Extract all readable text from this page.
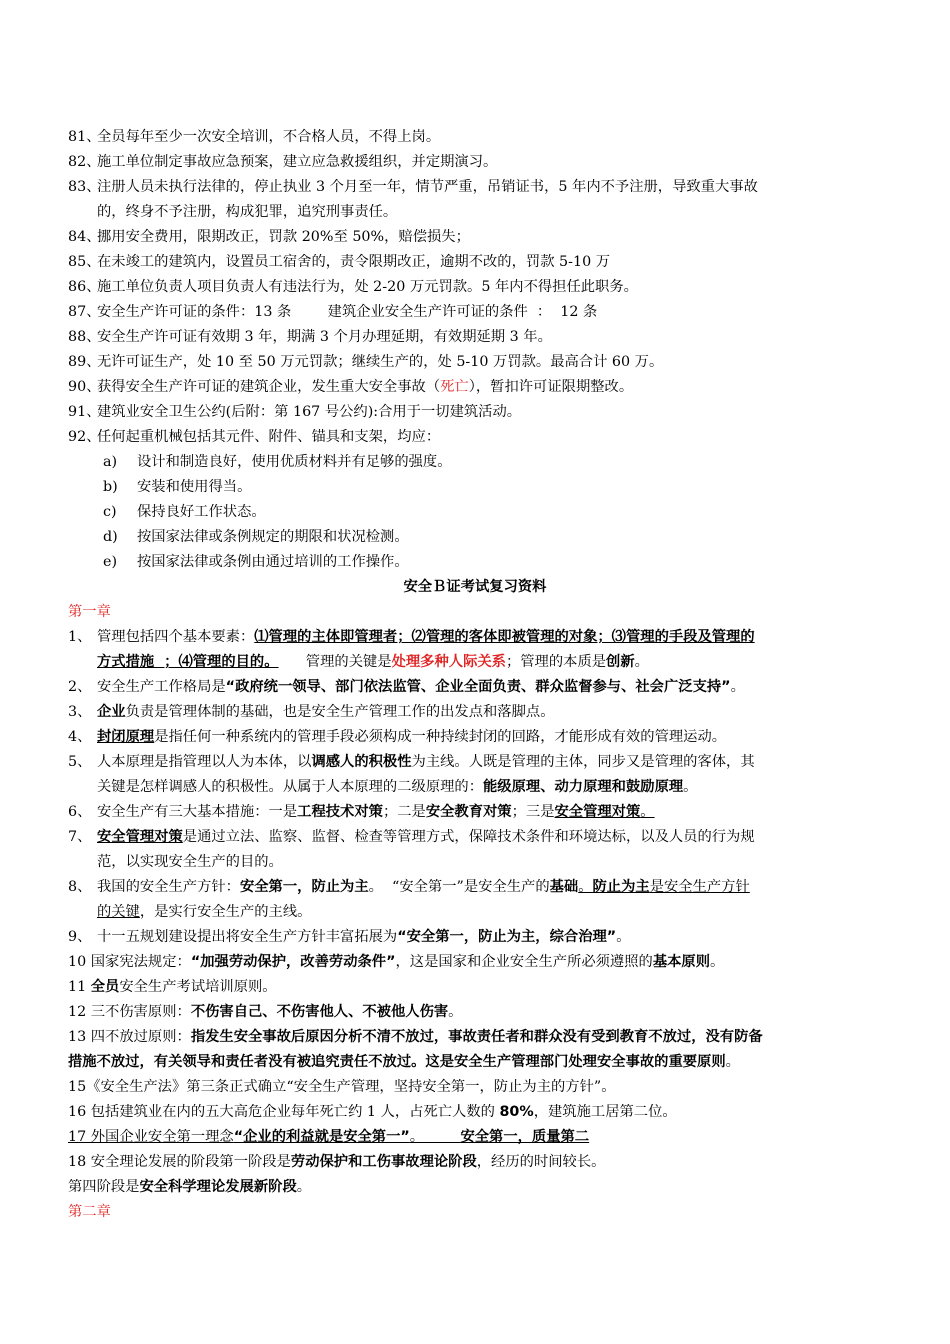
81、
全员每年至少一次安全培训，不合格人员，不得上岗。
82、
施工单位制定事故应急预案，建立应急救援组织，并定期演习。
83、
注册人员未执行法律的，停止执业 3 个月至一年，情节严重，吊销证书，5 年内不予注册，导致重大事故
的，终身不予注册，构成犯罪，追究刑事责任。
84、
挪用安全费用，限期改正，罚款 20%至 50%，赔偿损失；
85、
在未竣工的建筑内，设置员工宿舍的，责令限期改正，逾期不改的，罚款 5-10 万
86、
施工单位负责人项目负责人有违法行为，处 2-20 万元罚款。5 年内不得担任此职务。
87、
安全生产许可证的条件：13 条        建筑企业安全生产许可证的条件  ：  12 条
88、
安全生产许可证有效期 3 年，期满 3 个月办理延期，有效期延期 3 年。
89、
无许可证生产，处 10 至 50 万元罚款；继续生产的，处 5-10 万罚款。最高合计 60 万。
90、
获得安全生产许可证的建筑企业，发生重大安全事故（死亡），暂扣许可证限期整改。
91、
建筑业安全卫生公约(后附：第 167 号公约):合用于一切建筑活动。
92、
任何起重机械包括其元件、附件、锚具和支架，均应：
a) 设计和制造良好，使用优质材料并有足够的强度。
b) 安装和使用得当。
c) 保持良好工作状态。
d) 按国家法律或条例规定的期限和状况检测。
e) 按国家法律或条例由通过培训的工作操作。
安全Ｂ证考试复习资料
第一章
1、 管理包括四个基本要素：⑴管理的主体即管理者；⑵管理的客体即被管理的对象；⑶管理的手段及管理的
方式措施  ；⑷管理的目的。      管理的关键是处理多种人际关系；管理的本质是创新。
2、 安全生产工作格局是“政府统一领导、部门依法监管、企业全面负责、群众监督参与、社会广泛支持”。
3、 企业负责是管理体制的基础，也是安全生产管理工作的出发点和落脚点。
4、 封闭原理是指任何一种系统内的管理手段必须构成一种持续封闭的回路，才能形成有效的管理运动。
5、 人本原理是指管理以人为本体，以调感人的积极性为主线。人既是管理的主体，同步又是管理的客体，其
关键是怎样调感人的积极性。从属于人本原理的二级原理的：能级原理、动力原理和鼓励原理。
6、 安全生产有三大基本措施：一是工程技术对策；二是安全教育对策；三是安全管理对策。
7、 安全管理对策是通过立法、监察、监督、检查等管理方式，保障技术条件和环境达标，以及人员的行为规
范，以实现安全生产的目的。
8、 我国的安全生产方针：安全第一，防止为主。  “安全第一”是安全生产的基础。防止为主是安全生产方针
的关键，是实行安全生产的主线。
9、 十一五规划建设提出将安全生产方针丰富拓展为“安全第一，防止为主，综合治理”。
10 国家宪法规定：“加强劳动保护，改善劳动条件”，这是国家和企业安全生产所必须遵照的基本原则。
11 全员安全生产考试培训原则。
12 三不伤害原则：不伤害自己、不伤害他人、不被他人伤害。
13 四不放过原则：指发生安全事故后原因分析不清不放过，事故责任者和群众没有受到教育不放过，没有防备
措施不放过，有关领导和责任者没有被追究责任不放过。这是安全生产管理部门处理安全事故的重要原则。
15《安全生产法》第三条正式确立“安全生产管理，坚持安全第一，防止为主的方针”。
16 包括建筑业在内的五大高危企业每年死亡约 1 人，占死亡人数的 80%，建筑施工居第二位。
17 外国企业安全第一理念“企业的利益就是安全第一”。        安全第一，质量第二
18 安全理论发展的阶段第一阶段是劳动保护和工伤事故理论阶段，经历的时间较长。
第四阶段是安全科学理论发展新阶段。
第二章
